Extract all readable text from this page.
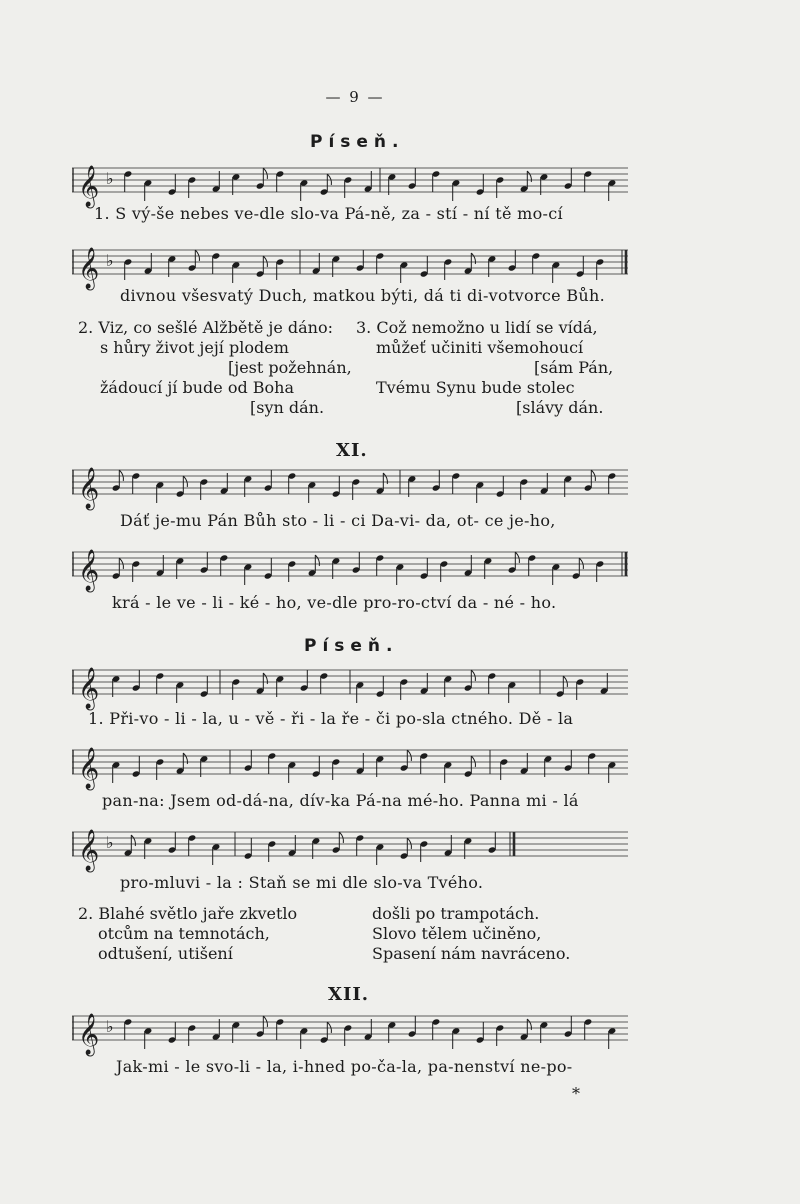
— 9 —
Píseň.
𝄞 ♭
1. S vý-še nebes ve-dle slo-va Pá-ně, za - stí - ní tě mo-cí
𝄞 ♭
divnou všesvatý Duch, matkou být​i, dá ti di-votvorce Bůh.
2. Viz, co sešlé Alžbětě je dáno:
s hůry život její plodem
[jest požehnán,
žádoucí jí bude od Boha
[syn dán.
3. Což nemožno u lidí se vídá,
můžeť učiniti všemohoucí
[sám Pán,
Tvému Synu bude stolec
[slávy dán.
XI.
𝄞
Dáť je-mu Pán Bůh sto - li - ci Da-vi- da, ot- ce je-ho,
𝄞
krá - le ve - li - ké - ho, ve-dle pro-ro-ctví da - né - ho.
Píseň.
𝄞
1. Při-vo - li - la, u - vě - ři - la ře - či po-sla ctného. Dě - la
𝄞
pan-na: Jsem od-dá-na, dív-ka Pá-na mé-ho. Panna mi - lá
𝄞 ♭
pro-mluvi - la : Staň se mi dle slo-va Tvého.
2. Blahé světlo jaře zkvetlo
otcům na temnotách,
odtušení, utišení
došli po trampotách.
Slovo tělem učiněno,
Spasení nám navráceno.
XII.
𝄞 ♭
Jak-mi - le svo-li - la, i-hned po-ča-la, pa-nenství ne-po-
*
